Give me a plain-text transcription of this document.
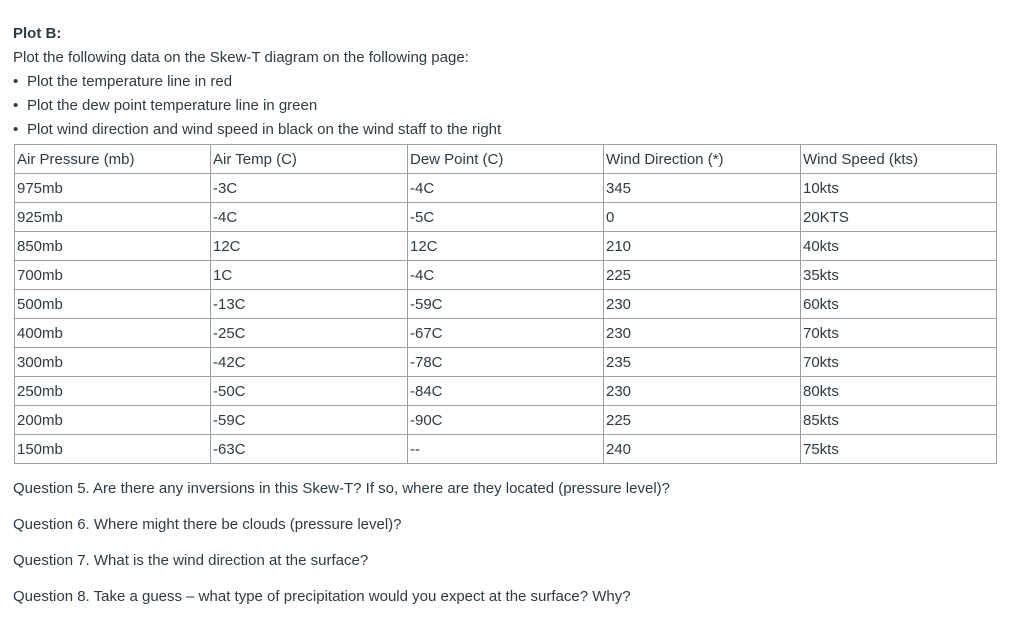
Plot B:

Plot the following data on the Skew-T diagram on the following page:

• Plot the temperature line in red
• Plot the dew point temperature line in green
• Plot wind direction and wind speed in black on the wind staff to the right
Air Pressure (mb)	Air Temp (C)	Dew Point (C)	Wind Direction (*)	Wind Speed (kts)
975mb	-3C	-4C	345	10kts
925mb	-4C	-5C	0	20KTS
850mb	12C	12C	210	40kts
700mb	1C	-4C	225	35kts
500mb	-13C	-59C	230	60kts
400mb	-25C	-67C	230	70kts
300mb	-42C	-78C	235	70kts
250mb	-50C	-84C	230	80kts
200mb	-59C	-90C	225	85kts
150mb	-63C	--	240	75kts

Question 5. Are there any inversions in this Skew-T? If so, where are they located (pressure level)?

Question 6. Where might there be clouds (pressure level)?

Question 7. What is the wind direction at the surface?

Question 8. Take a guess – what type of precipitation would you expect at the surface? Why?
